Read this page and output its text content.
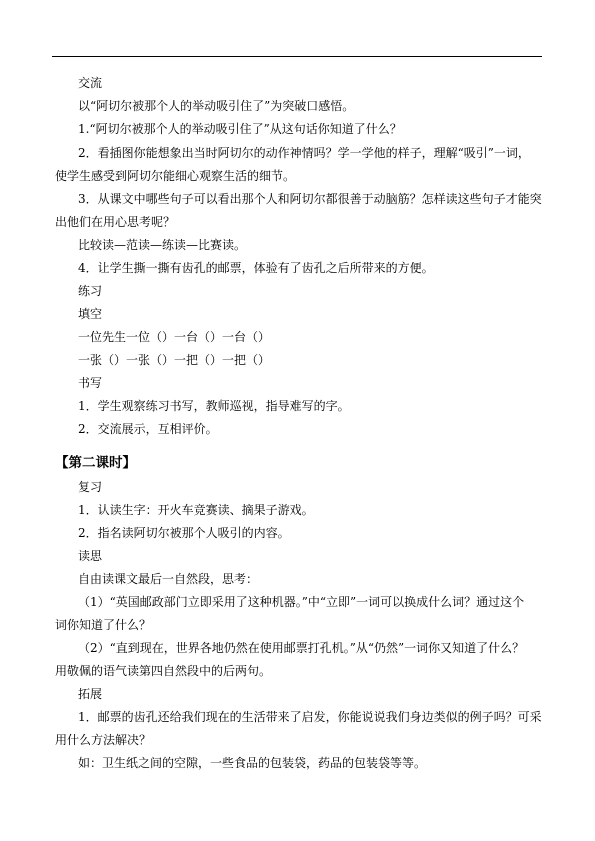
交流
以“阿切尔被那个人的举动吸引住了”为突破口感悟。
1.“阿切尔被那个人的举动吸引住了”从这句话你知道了什么？
2．看插图你能想象出当时阿切尔的动作神情吗？学一学他的样子，理解“吸引”一词，
使学生感受到阿切尔能细心观察生活的细节。
3．从课文中哪些句子可以看出那个人和阿切尔都很善于动脑筋？怎样读这些句子才能突
出他们在用心思考呢？
比较读—范读—练读—比赛读。
4．让学生撕一撕有齿孔的邮票，体验有了齿孔之后所带来的方便。
练习
填空
一位先生一位（）一台（）一台（）
一张（）一张（）一把（）一把（）
书写
1．学生观察练习书写，教师巡视，指导难写的字。
2．交流展示，互相评价。
【第二课时】
复习
1．认读生字：开火车竞赛读、摘果子游戏。
2．指名读阿切尔被那个人吸引的内容。
读思
自由读课文最后一自然段，思考：
（1）“英国邮政部门立即采用了这种机器。”中“立即”一词可以换成什么词？通过这个
词你知道了什么？
（2）“直到现在，世界各地仍然在使用邮票打孔机。”从“仍然”一词你又知道了什么？
用敬佩的语气读第四自然段中的后两句。
拓展
1．邮票的齿孔还给我们现在的生活带来了启发，你能说说我们身边类似的例子吗？可采
用什么方法解决？
如：卫生纸之间的空隙，一些食品的包装袋，药品的包装袋等等。
